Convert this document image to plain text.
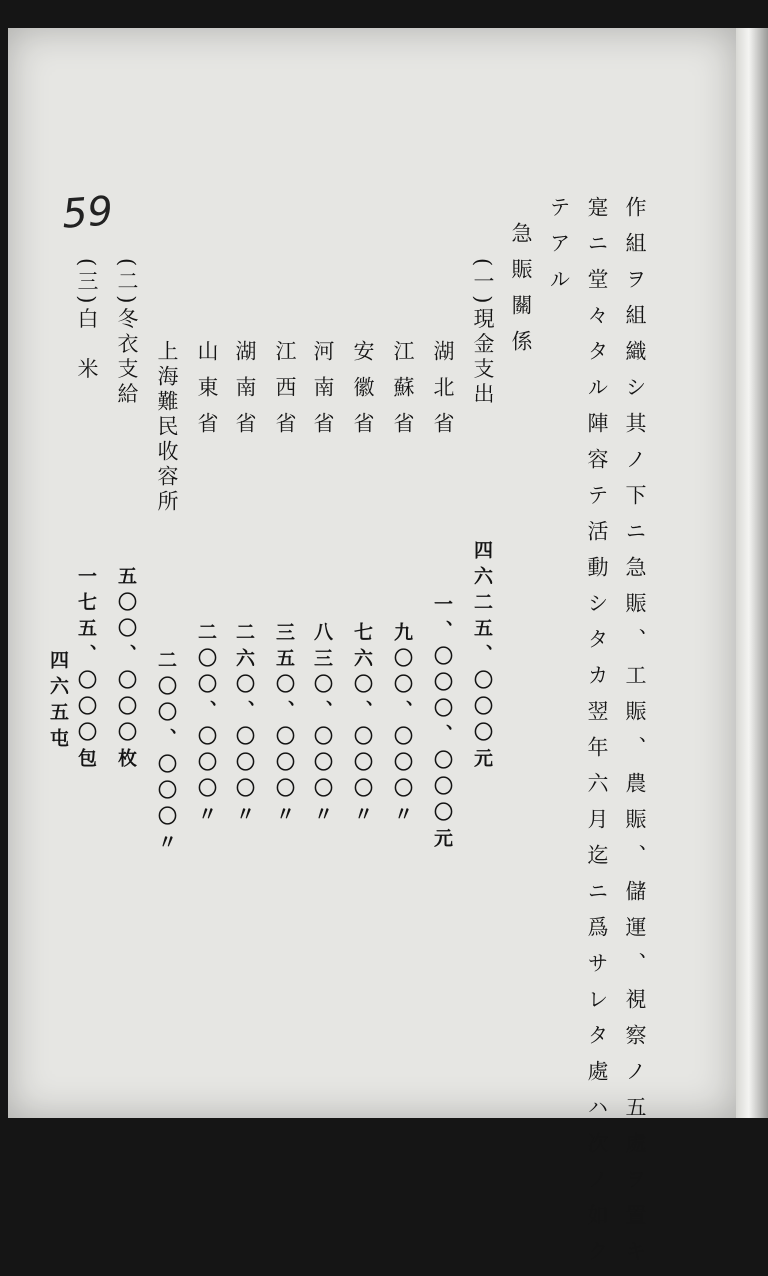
59	作組ヲ組織シ其ノ下ニ急賑、工賑、農賑、儲運、視察ノ五處ヲ置キ
寔ニ堂々タル陣容テ活動シタカ翌年六月迄ニ爲サレタ處ハ次ノ如ク
テアル
急賑關係
(一)現金支出
四六二五、〇〇〇元
湖北省
一、〇〇〇、〇〇〇元
江蘇省
九〇〇、〇〇〇〃
安徽省
七六〇、〇〇〇〃
河南省
八三〇、〇〇〇〃
江西省
三五〇、〇〇〇〃
湖南省
二六〇、〇〇〇〃
山東省
二〇〇、〇〇〇〃
上海難民收容所
二〇〇、〇〇〇〃
(二)冬衣支給
五〇〇、〇〇〇枚
(三)白　米
一七五、〇〇〇包
四六五屯
